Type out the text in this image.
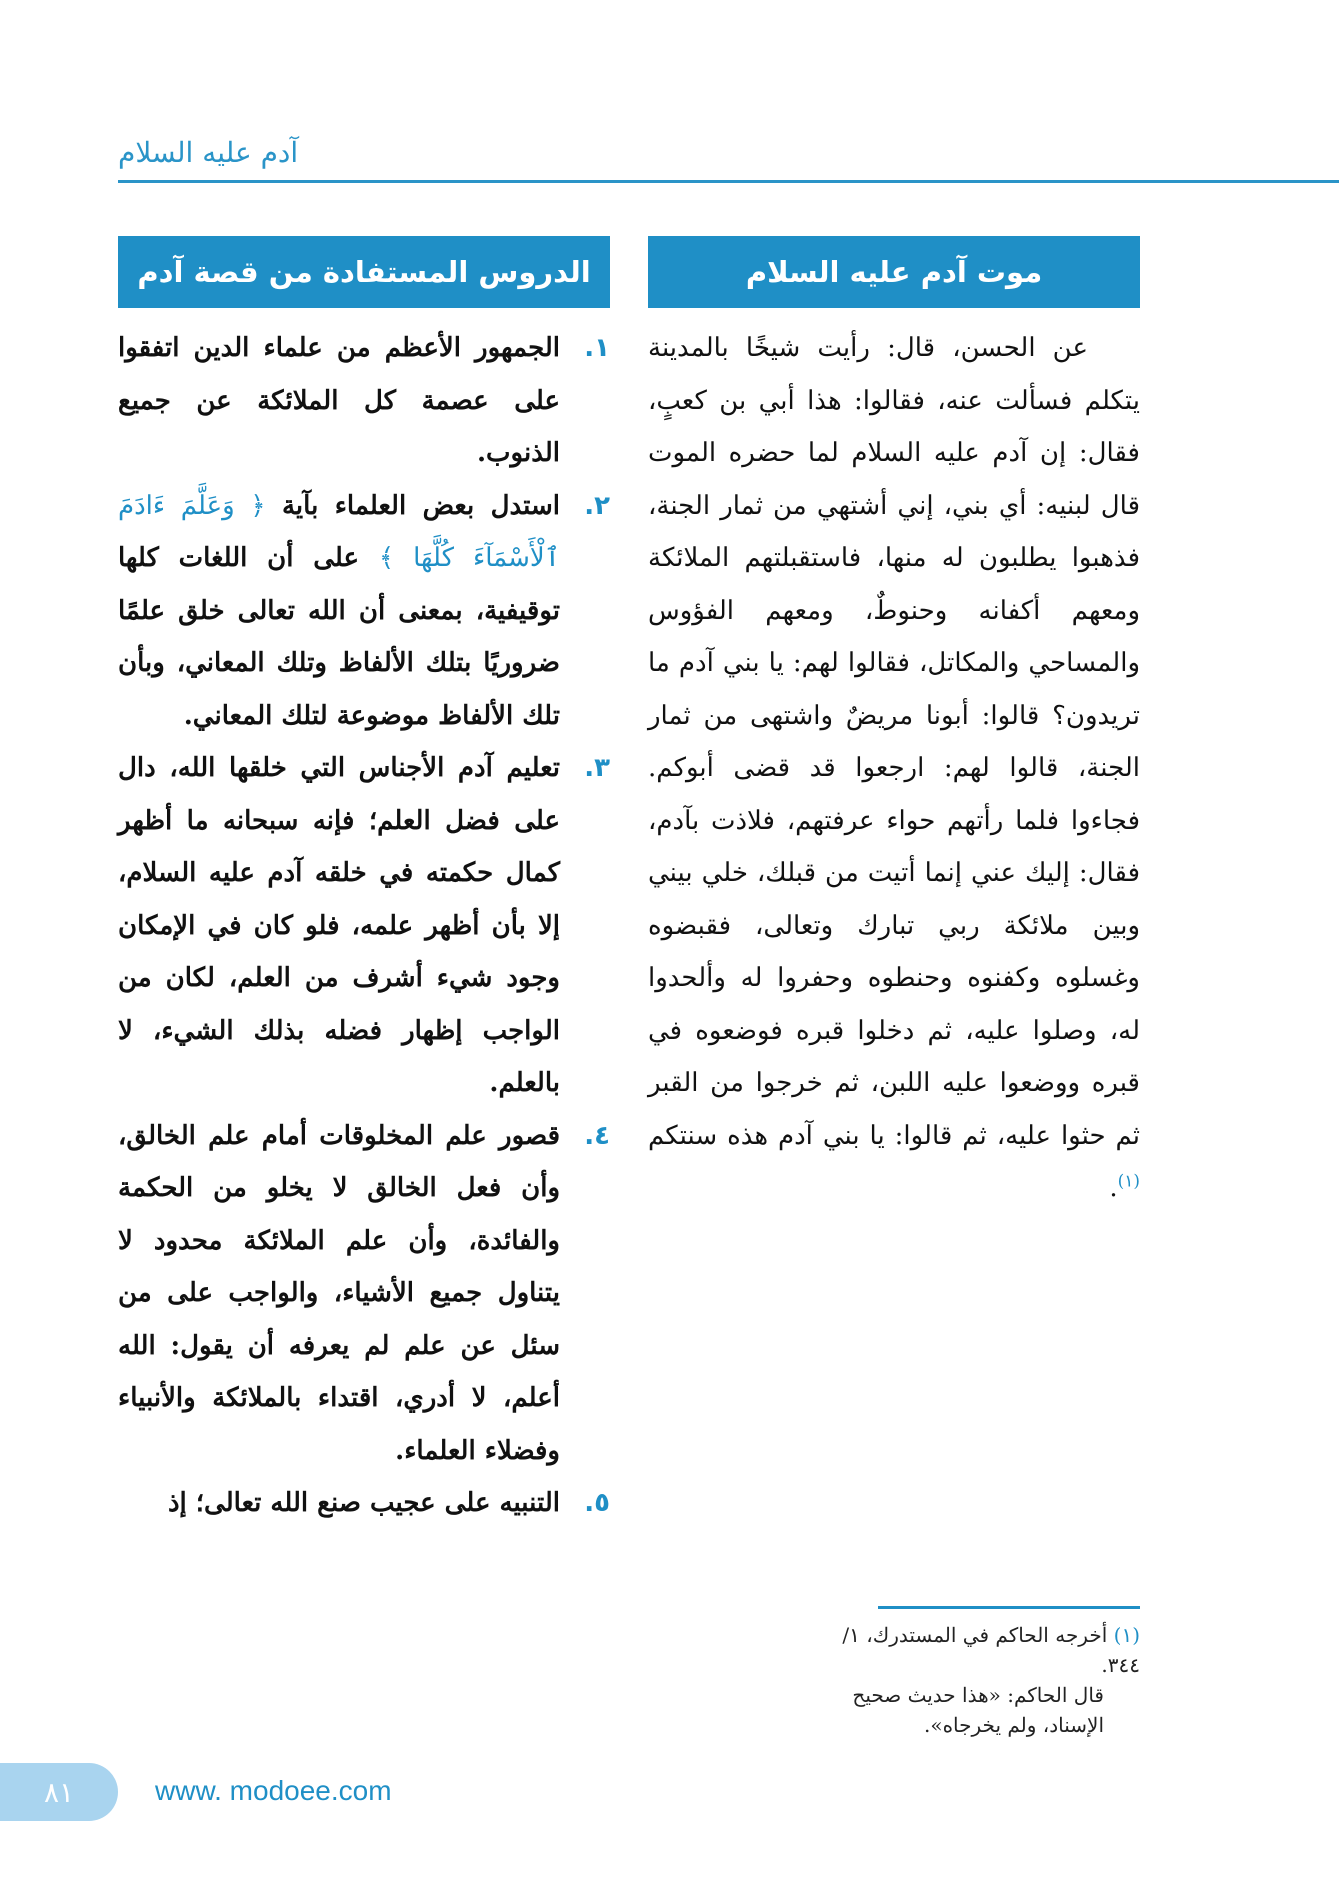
آدم عليه السلام
موت آدم عليه السلام

عن الحسن، قال: رأيت شيخًا بالمدينة يتكلم فسألت عنه، فقالوا: هذا أبي بن كعبٍ، فقال: إن آدم عليه السلام لما حضره الموت قال لبنيه: أي بني، إني أشتهي من ثمار الجنة، فذهبوا يطلبون له منها، فاستقبلتهم الملائكة ومعهم أكفانه وحنوطٌ، ومعهم الفؤوس والمساحي والمكاتل، فقالوا لهم: يا بني آدم ما تريدون؟ قالوا: أبونا مريضٌ واشتهى من ثمار الجنة، قالوا لهم: ارجعوا قد قضى أبوكم. فجاءوا فلما رأتهم حواء عرفتهم، فلاذت بآدم، فقال: إليك عني إنما أتيت من قبلك، خلي بيني وبين ملائكة ربي تبارك وتعالى، فقبضوه وغسلوه وكفنوه وحنطوه وحفروا له وألحدوا له، وصلوا عليه، ثم دخلوا قبره فوضعوه في قبره ووضعوا عليه اللبن، ثم خرجوا من القبر ثم حثوا عليه، ثم قالوا: يا بني آدم هذه سنتكم $^{(١)}$.

الدروس المستفادة من قصة آدم
١.
الجمهور الأعظم من علماء الدين اتفقوا على عصمة كل الملائكة عن جميع الذنوب.
٢.
استدل بعض العلماء بآية ﴿ وَعَلَّمَ ءَادَمَ ٱلْأَسْمَآءَ كُلَّهَا ﴾ على أن اللغات كلها توقيفية، بمعنى أن الله تعالى خلق علمًا ضروريًا بتلك الألفاظ وتلك المعاني، وبأن تلك الألفاظ موضوعة لتلك المعاني.
٣.
تعليم آدم الأجناس التي خلقها الله، دال على فضل العلم؛ فإنه سبحانه ما أظهر كمال حكمته في خلقه آدم عليه السلام، إلا بأن أظهر علمه، فلو كان في الإمكان وجود شيء أشرف من العلم، لكان من الواجب إظهار فضله بذلك الشيء، لا بالعلم.
٤.
قصور علم المخلوقات أمام علم الخالق، وأن فعل الخالق لا يخلو من الحكمة والفائدة، وأن علم الملائكة محدود لا يتناول جميع الأشياء، والواجب على من سئل عن علم لم يعرفه أن يقول: الله أعلم، لا أدري، اقتداء بالملائكة والأنبياء وفضلاء العلماء.
٥.
التنبيه على عجيب صنع الله تعالى؛ إذ
(١) أخرجه الحاكم في المستدرك، ١/ ٣٤٤.
قال الحاكم: «هذا حديث صحيح الإسناد، ولم يخرجاه».
٨١	www. modoee.com
